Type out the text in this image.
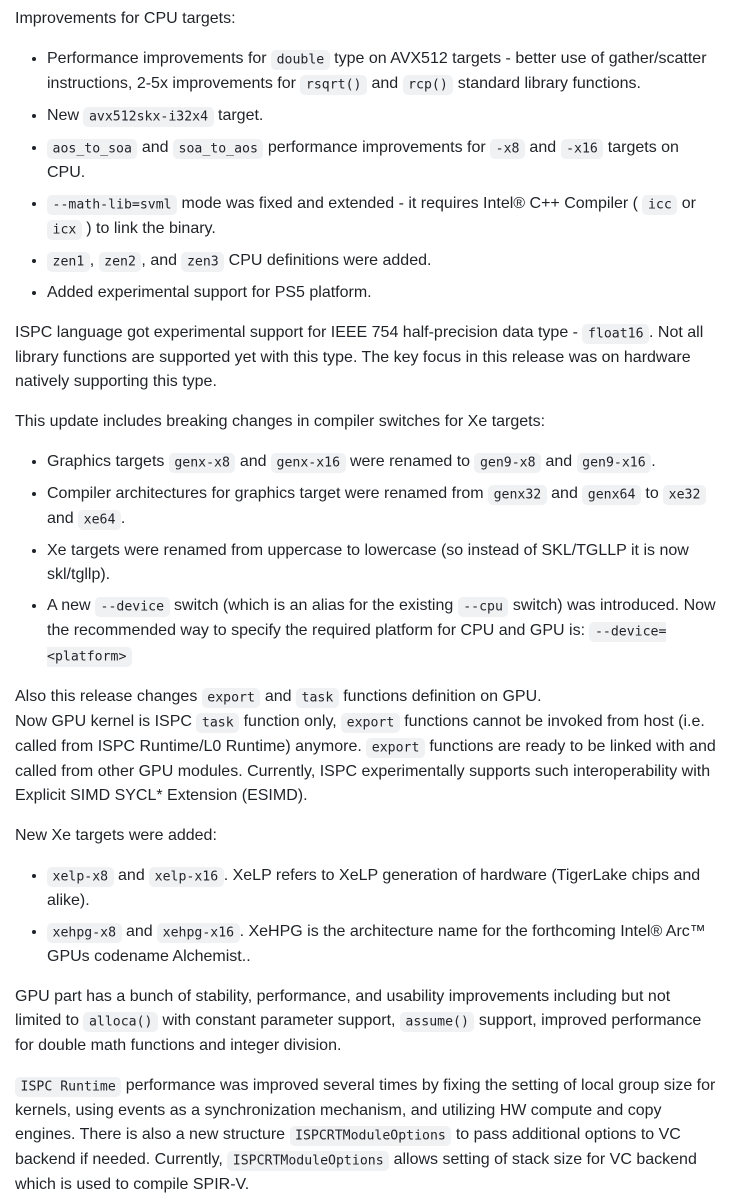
Improvements for CPU targets:

• Performance improvements for double type on AVX512 targets - better use of gather/scatter instructions, 2-5x improvements for rsqrt() and rcp() standard library functions.
• New avx512skx-i32x4 target.
• aos_to_soa and soa_to_aos performance improvements for -x8 and -x16 targets on CPU.
• --math-lib=svml mode was fixed and extended - it requires Intel® C++ Compiler ( icc or icx ) to link the binary.
• zen1 , zen2 , and zen3 CPU definitions were added.
• Added experimental support for PS5 platform.

ISPC language got experimental support for IEEE 754 half-precision data type - float16 . Not all library functions are supported yet with this type. The key focus in this release was on hardware natively supporting this type.

This update includes breaking changes in compiler switches for Xe targets:

• Graphics targets genx-x8 and genx-x16 were renamed to gen9-x8 and gen9-x16 .
• Compiler architectures for graphics target were renamed from genx32 and genx64 to xe32 and xe64 .
• Xe targets were renamed from uppercase to lowercase (so instead of SKL/TGLLP it is now skl/tgllp).
• A new --device switch (which is an alias for the existing --cpu switch) was introduced. Now the recommended way to specify the required platform for CPU and GPU is: --device=<platform>

Also this release changes export and task functions definition on GPU.
Now GPU kernel is ISPC task function only, export functions cannot be invoked from host (i.e. called from ISPC Runtime/L0 Runtime) anymore. export functions are ready to be linked with and called from other GPU modules. Currently, ISPC experimentally supports such interoperability with Explicit SIMD SYCL* Extension (ESIMD).

New Xe targets were added:

• xelp-x8 and xelp-x16 . XeLP refers to XeLP generation of hardware (TigerLake chips and alike).
• xehpg-x8 and xehpg-x16 . XeHPG is the architecture name for the forthcoming Intel® Arc™ GPUs codename Alchemist..

GPU part has a bunch of stability, performance, and usability improvements including but not limited to alloca() with constant parameter support, assume() support, improved performance for double math functions and integer division.

ISPC Runtime performance was improved several times by fixing the setting of local group size for kernels, using events as a synchronization mechanism, and utilizing HW compute and copy engines. There is also a new structure ISPCRTModuleOptions to pass additional options to VC backend if needed. Currently, ISPCRTModuleOptions allows setting of stack size for VC backend which is used to compile SPIR-V.
